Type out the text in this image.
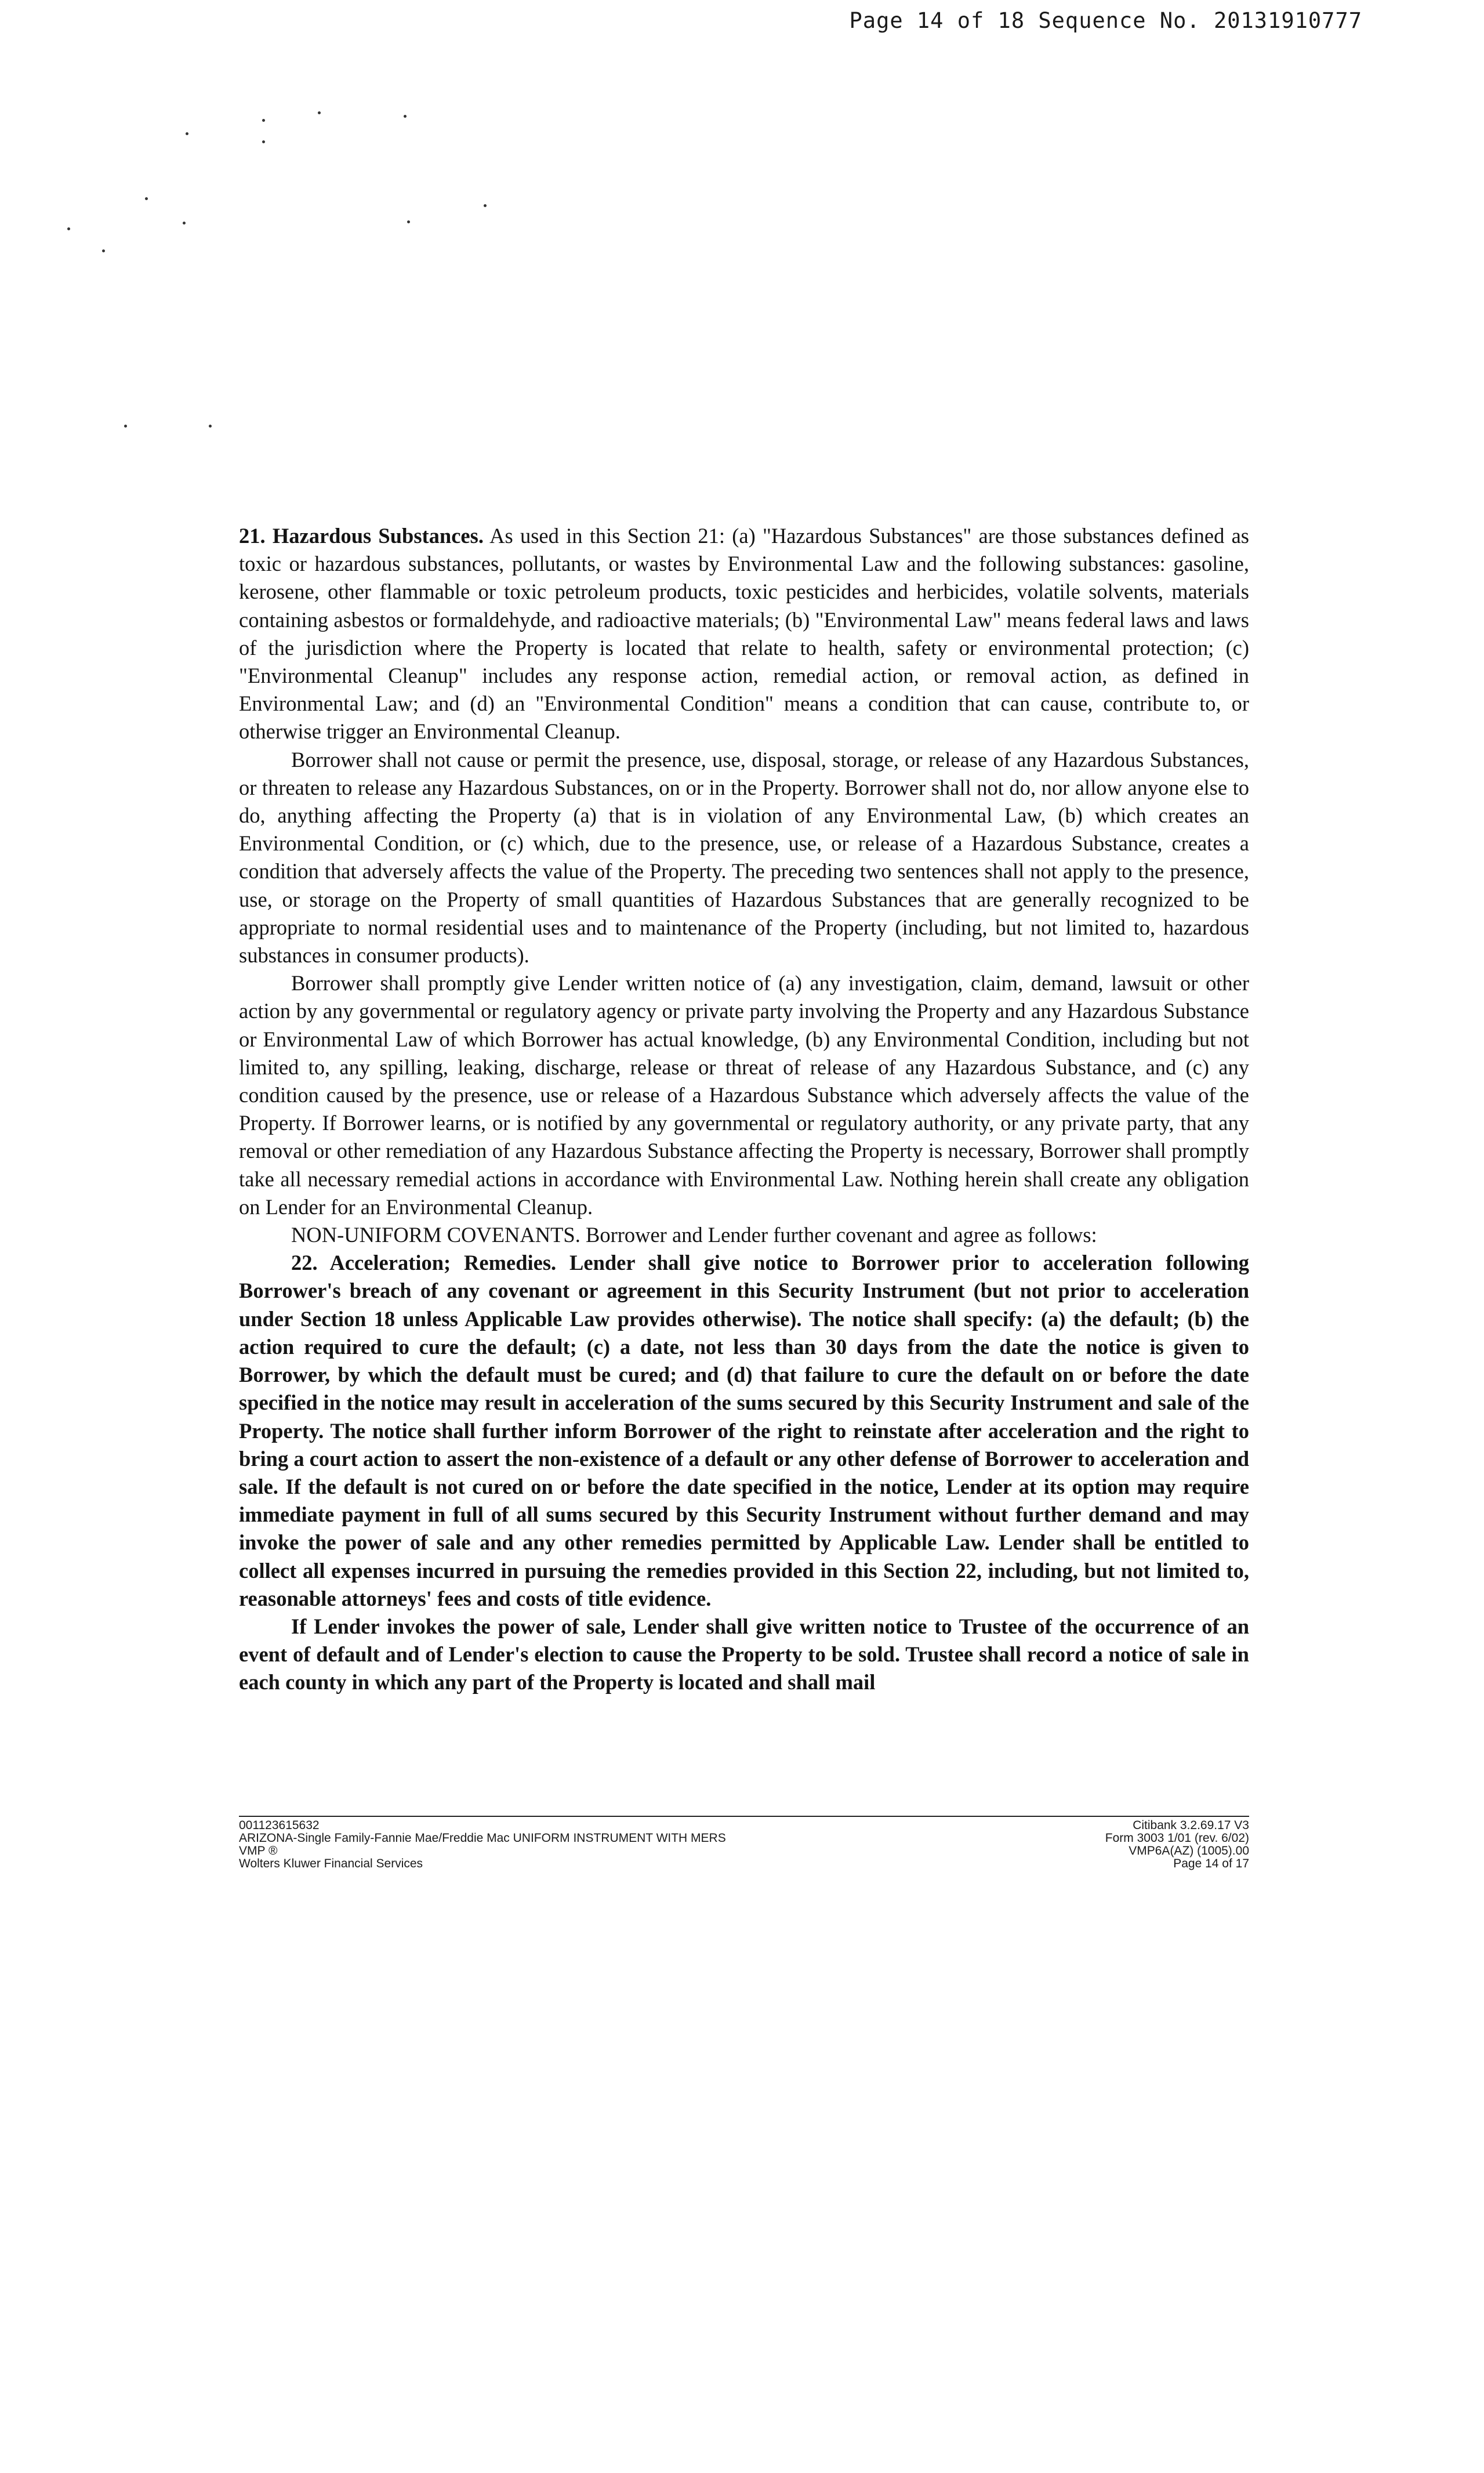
Page 14 of 18 Sequence No. 20131910777

21. Hazardous Substances. As used in this Section 21: (a) "Hazardous Substances" are those substances defined as toxic or hazardous substances, pollutants, or wastes by Environmental Law and the following substances: gasoline, kerosene, other flammable or toxic petroleum products, toxic pesticides and herbicides, volatile solvents, materials containing asbestos or formaldehyde, and radioactive materials; (b) "Environmental Law" means federal laws and laws of the jurisdiction where the Property is located that relate to health, safety or environmental protection; (c) "Environmental Cleanup" includes any response action, remedial action, or removal action, as defined in Environmental Law; and (d) an "Environmental Condition" means a condition that can cause, contribute to, or otherwise trigger an Environmental Cleanup.

Borrower shall not cause or permit the presence, use, disposal, storage, or release of any Hazardous Substances, or threaten to release any Hazardous Substances, on or in the Property. Borrower shall not do, nor allow anyone else to do, anything affecting the Property (a) that is in violation of any Environmental Law, (b) which creates an Environmental Condition, or (c) which, due to the presence, use, or release of a Hazardous Substance, creates a condition that adversely affects the value of the Property. The preceding two sentences shall not apply to the presence, use, or storage on the Property of small quantities of Hazardous Substances that are generally recognized to be appropriate to normal residential uses and to maintenance of the Property (including, but not limited to, hazardous substances in consumer products).

Borrower shall promptly give Lender written notice of (a) any investigation, claim, demand, lawsuit or other action by any governmental or regulatory agency or private party involving the Property and any Hazardous Substance or Environmental Law of which Borrower has actual knowledge, (b) any Environmental Condition, including but not limited to, any spilling, leaking, discharge, release or threat of release of any Hazardous Substance, and (c) any condition caused by the presence, use or release of a Hazardous Substance which adversely affects the value of the Property. If Borrower learns, or is notified by any governmental or regulatory authority, or any private party, that any removal or other remediation of any Hazardous Substance affecting the Property is necessary, Borrower shall promptly take all necessary remedial actions in accordance with Environmental Law. Nothing herein shall create any obligation on Lender for an Environmental Cleanup.

NON-UNIFORM COVENANTS. Borrower and Lender further covenant and agree as follows:

22. Acceleration; Remedies. Lender shall give notice to Borrower prior to acceleration following Borrower's breach of any covenant or agreement in this Security Instrument (but not prior to acceleration under Section 18 unless Applicable Law provides otherwise). The notice shall specify: (a) the default; (b) the action required to cure the default; (c) a date, not less than 30 days from the date the notice is given to Borrower, by which the default must be cured; and (d) that failure to cure the default on or before the date specified in the notice may result in acceleration of the sums secured by this Security Instrument and sale of the Property. The notice shall further inform Borrower of the right to reinstate after acceleration and the right to bring a court action to assert the non-existence of a default or any other defense of Borrower to acceleration and sale. If the default is not cured on or before the date specified in the notice, Lender at its option may require immediate payment in full of all sums secured by this Security Instrument without further demand and may invoke the power of sale and any other remedies permitted by Applicable Law. Lender shall be entitled to collect all expenses incurred in pursuing the remedies provided in this Section 22, including, but not limited to, reasonable attorneys' fees and costs of title evidence.

If Lender invokes the power of sale, Lender shall give written notice to Trustee of the occurrence of an event of default and of Lender's election to cause the Property to be sold. Trustee shall record a notice of sale in each county in which any part of the Property is located and shall mail

001123615632
ARIZONA-Single Family-Fannie Mae/Freddie Mac UNIFORM INSTRUMENT WITH MERS
VMP ®
Wolters Kluwer Financial Services
Citibank 3.2.69.17 V3
Form 3003 1/01 (rev. 6/02)
VMP6A(AZ) (1005).00
Page 14 of 17
